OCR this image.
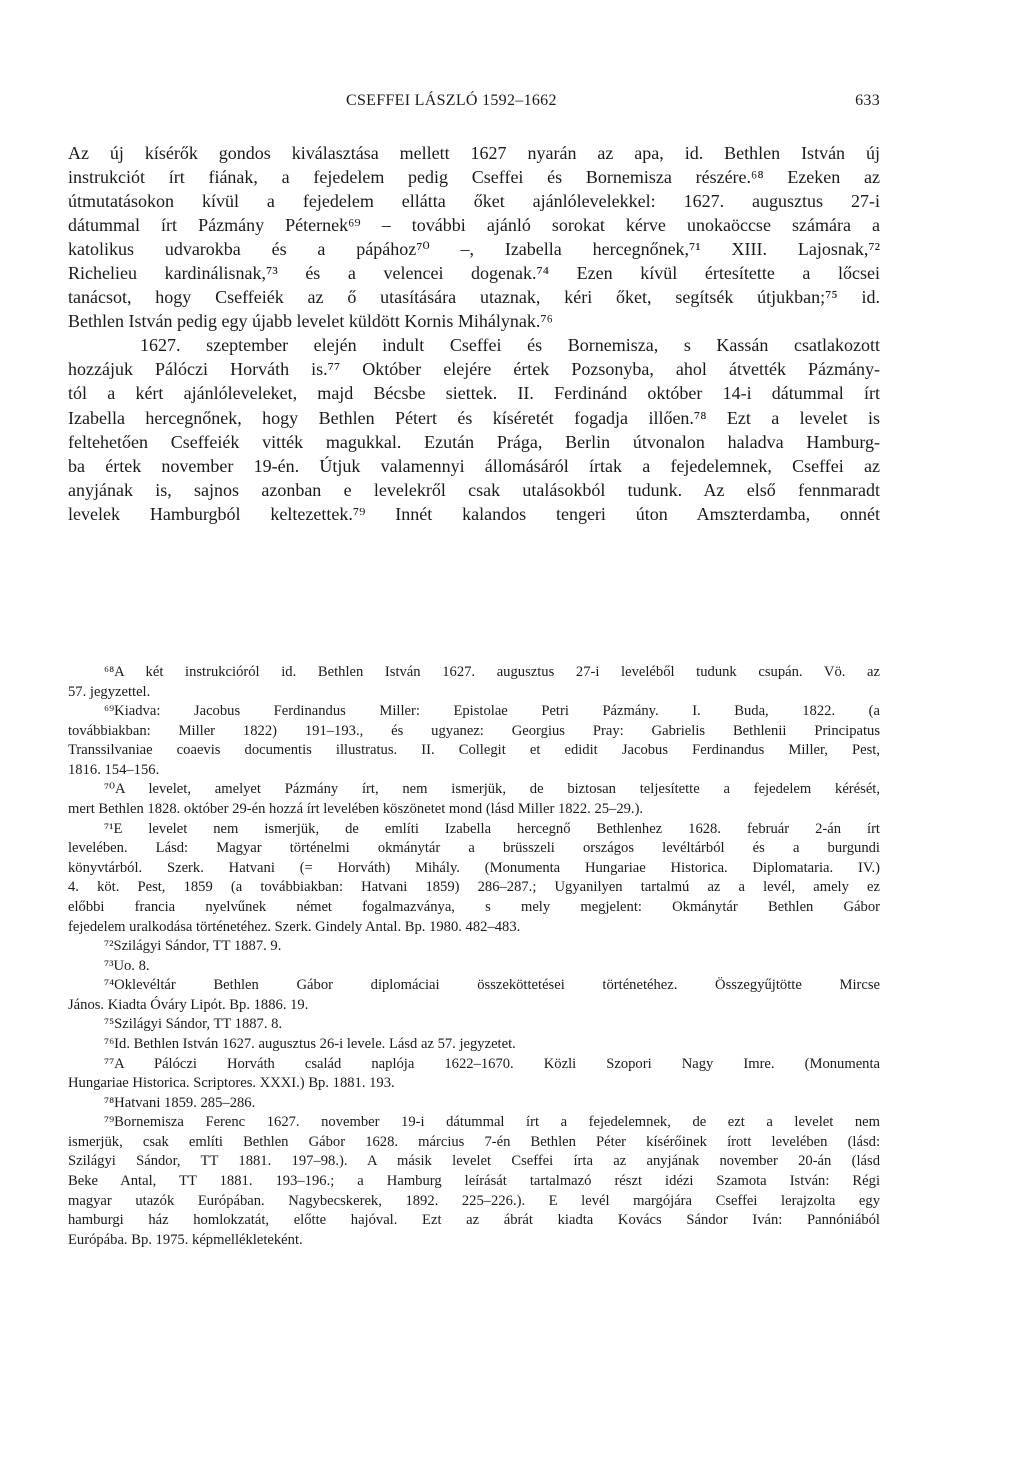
CSEFFEI LÁSZLÓ 1592–1662	633
Az új kísérők gondos kiválasztása mellett 1627 nyarán az apa, id. Bethlen István új
instrukciót írt fiának, a fejedelem pedig Cseffei és Bornemisza részére.⁶⁸ Ezeken az
útmutatásokon kívül a fejedelem ellátta őket ajánlólevelekkel: 1627. augusztus 27-i
dátummal írt Pázmány Péternek⁶⁹ – további ajánló sorokat kérve unokaöccse számára a
katolikus udvarokba és a pápához⁷⁰ –, Izabella hercegnőnek,⁷¹ XIII. Lajosnak,⁷²
Richelieu kardinálisnak,⁷³ és a velencei dogenak.⁷⁴ Ezen kívül értesítette a lőcsei
tanácsot, hogy Cseffeiék az ő utasítására utaznak, kéri őket, segítsék útjukban;⁷⁵ id.
Bethlen István pedig egy újabb levelet küldött Kornis Mihálynak.⁷⁶
1627. szeptember elején indult Cseffei és Bornemisza, s Kassán csatlakozott
hozzájuk Pálóczi Horváth is.⁷⁷ Október elejére értek Pozsonyba, ahol átvették Pázmány-
tól a kért ajánlóleveleket, majd Bécsbe siettek. II. Ferdinánd október 14-i dátummal írt
Izabella hercegnőnek, hogy Bethlen Pétert és kíséretét fogadja illően.⁷⁸ Ezt a levelet is
feltehetően Cseffeiék vitték magukkal. Ezután Prága, Berlin útvonalon haladva Hamburg-
ba értek november 19-én. Útjuk valamennyi állomásáról írtak a fejedelemnek, Cseffei az
anyjának is, sajnos azonban e levelekről csak utalásokból tudunk. Az első fennmaradt
levelek Hamburgból keltezettek.⁷⁹ Innét kalandos tengeri úton Amszterdamba, onnét
⁶⁸A két instrukcióról id. Bethlen István 1627. augusztus 27-i leveléből tudunk csupán. Vö. az
57. jegyzettel.
⁶⁹Kiadva: Jacobus Ferdinandus Miller: Epistolae Petri Pázmány. I. Buda, 1822. (a
továbbiakban: Miller 1822) 191–193., és ugyanez: Georgius Pray: Gabrielis Bethlenii Principatus
Transsilvaniae coaevis documentis illustratus. II. Collegit et edidit Jacobus Ferdinandus Miller, Pest,
1816. 154–156.
⁷⁰A levelet, amelyet Pázmány írt, nem ismerjük, de biztosan teljesítette a fejedelem kérését,
mert Bethlen 1828. október 29-én hozzá írt levelében köszönetet mond (lásd Miller 1822. 25–29.).
⁷¹E levelet nem ismerjük, de említi Izabella hercegnő Bethlenhez 1628. február 2-án írt
levelében. Lásd: Magyar történelmi okmánytár a brüsszeli országos levéltárból és a burgundi
könyvtárból. Szerk. Hatvani (= Horváth) Mihály. (Monumenta Hungariae Historica. Diplomataria. IV.)
4. köt. Pest, 1859 (a továbbiakban: Hatvani 1859) 286–287.; Ugyanilyen tartalmú az a levél, amely ez
előbbi francia nyelvűnek német fogalmazványa, s mely megjelent: Okmánytár Bethlen Gábor
fejedelem uralkodása történetéhez. Szerk. Gindely Antal. Bp. 1980. 482–483.
⁷²Szilágyi Sándor, TT 1887. 9.
⁷³Uo. 8.
⁷⁴Oklevéltár Bethlen Gábor diplomáciai összeköttetései történetéhez. Összegyűjtötte Mircse
János. Kiadta Óváry Lipót. Bp. 1886. 19.
⁷⁵Szilágyi Sándor, TT 1887. 8.
⁷⁶Id. Bethlen István 1627. augusztus 26-i levele. Lásd az 57. jegyzetet.
⁷⁷A Pálóczi Horváth család naplója 1622–1670. Közli Szopori Nagy Imre. (Monumenta
Hungariae Historica. Scriptores. XXXI.) Bp. 1881. 193.
⁷⁸Hatvani 1859. 285–286.
⁷⁹Bornemisza Ferenc 1627. november 19-i dátummal írt a fejedelemnek, de ezt a levelet nem
ismerjük, csak említi Bethlen Gábor 1628. március 7-én Bethlen Péter kísérőinek írott levelében (lásd:
Szilágyi Sándor, TT 1881. 197–98.). A másik levelet Cseffei írta az anyjának november 20-án (lásd
Beke Antal, TT 1881. 193–196.; a Hamburg leírását tartalmazó részt idézi Szamota István: Régi
magyar utazók Európában. Nagybecskerek, 1892. 225–226.). E levél margójára Cseffei lerajzolta egy
hamburgi ház homlokzatát, előtte hajóval. Ezt az ábrát kiadta Kovács Sándor Iván: Pannóniából
Európába. Bp. 1975. képmellékleteként.
